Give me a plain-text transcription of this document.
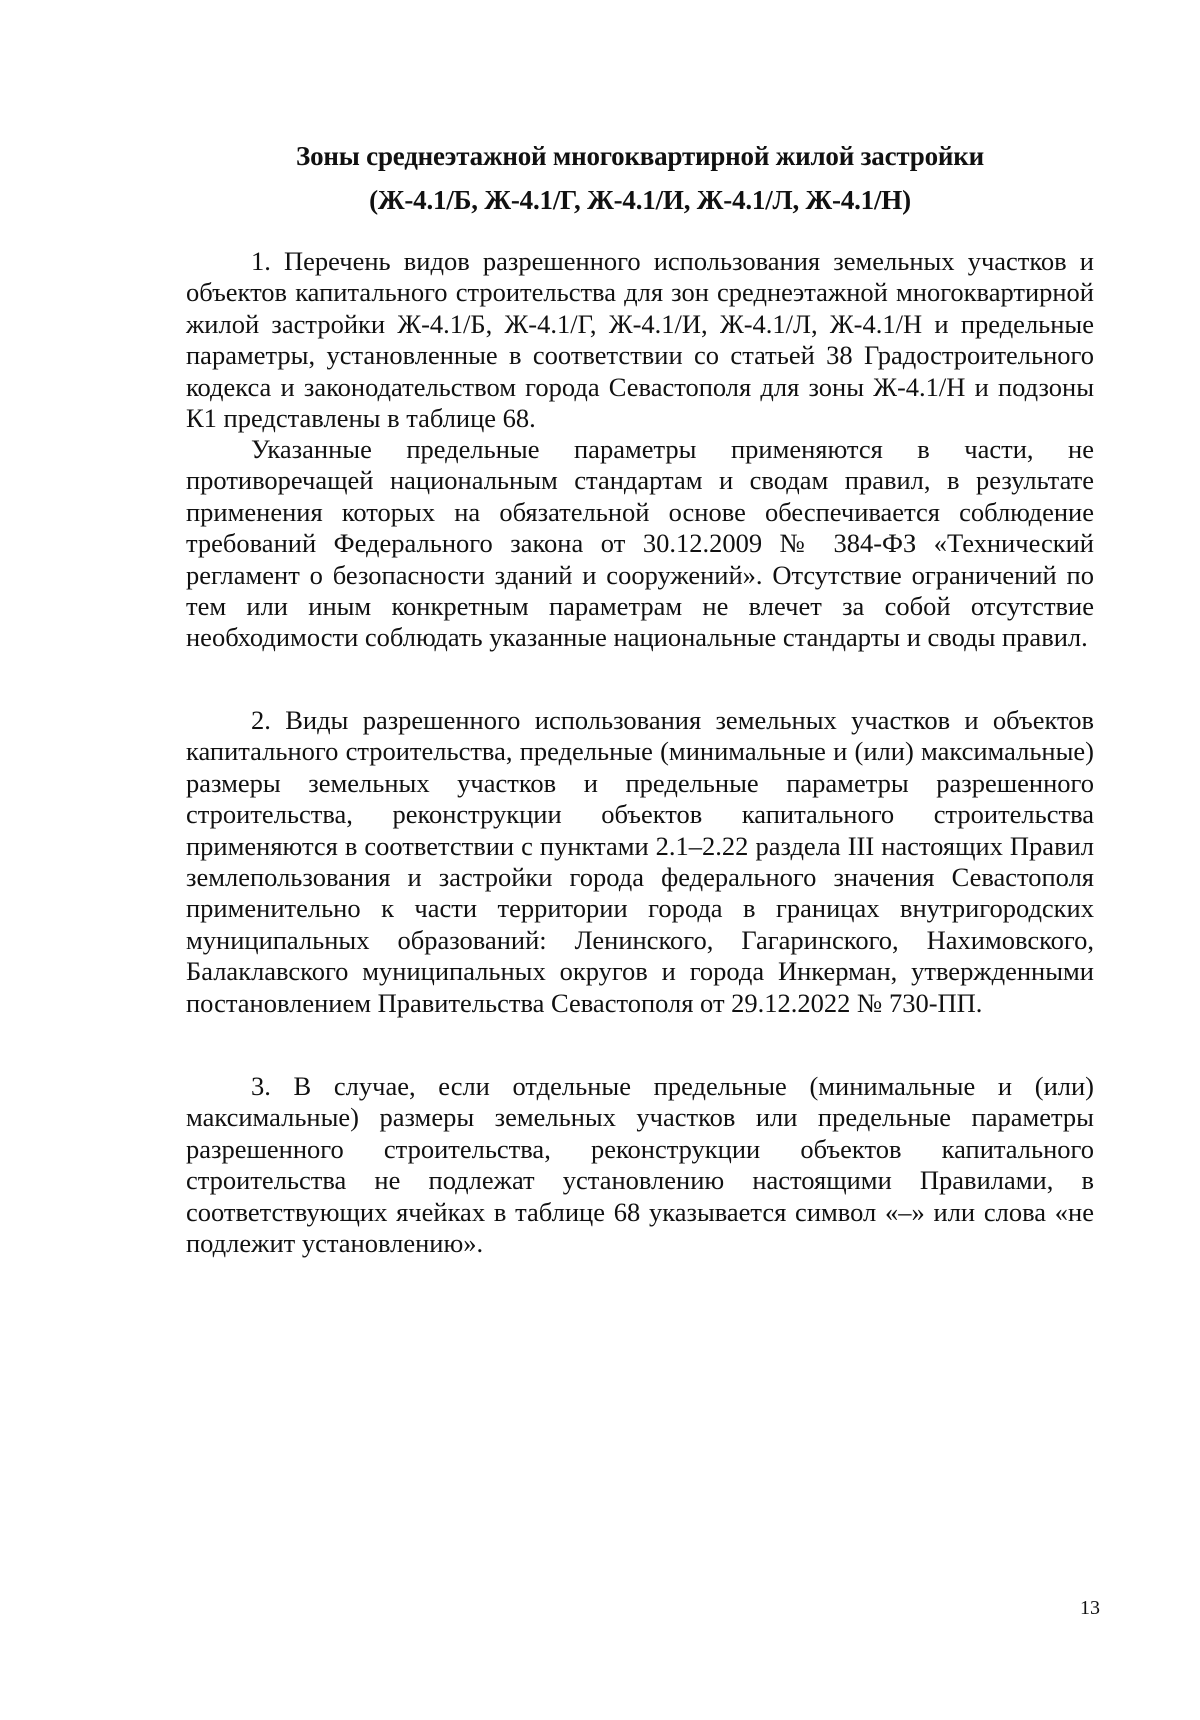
Зоны среднеэтажной многоквартирной жилой застройки
(Ж-4.1/Б, Ж-4.1/Г, Ж-4.1/И, Ж-4.1/Л, Ж-4.1/Н)

1. Перечень видов разрешенного использования земельных участков и объектов капитального строительства для зон среднеэтажной многоквартирной жилой застройки Ж-4.1/Б, Ж-4.1/Г, Ж-4.1/И, Ж-4.1/Л, Ж-4.1/Н и предельные параметры, установленные в соответствии со статьей 38 Градостроительного кодекса и законодательством города Севастополя для зоны Ж-4.1/Н и подзоны К1 представлены в таблице 68.

Указанные предельные параметры применяются в части, не противоречащей национальным стандартам и сводам правил, в результате применения которых на обязательной основе обеспечивается соблюдение требований Федерального закона от 30.12.2009 № 384-ФЗ «Технический регламент о безопасности зданий и сооружений». Отсутствие ограничений по тем или иным конкретным параметрам не влечет за собой отсутствие необходимости соблюдать указанные национальные стандарты и своды правил.

2. Виды разрешенного использования земельных участков и объектов капитального строительства, предельные (минимальные и (или) максимальные) размеры земельных участков и предельные параметры разрешенного строительства, реконструкции объектов капитального строительства применяются в соответствии с пунктами 2.1–2.22 раздела III настоящих Правил землепользования и застройки города федерального значения Севастополя применительно к части территории города в границах внутригородских муниципальных образований: Ленинского, Гагаринского, Нахимовского, Балаклавского муниципальных округов и города Инкерман, утвержденными постановлением Правительства Севастополя от 29.12.2022 № 730-ПП.

3. В случае, если отдельные предельные (минимальные и (или) максимальные) размеры земельных участков или предельные параметры разрешенного строительства, реконструкции объектов капитального строительства не подлежат установлению настоящими Правилами, в соответствующих ячейках в таблице 68 указывается символ «–» или слова «не подлежит установлению».

13
